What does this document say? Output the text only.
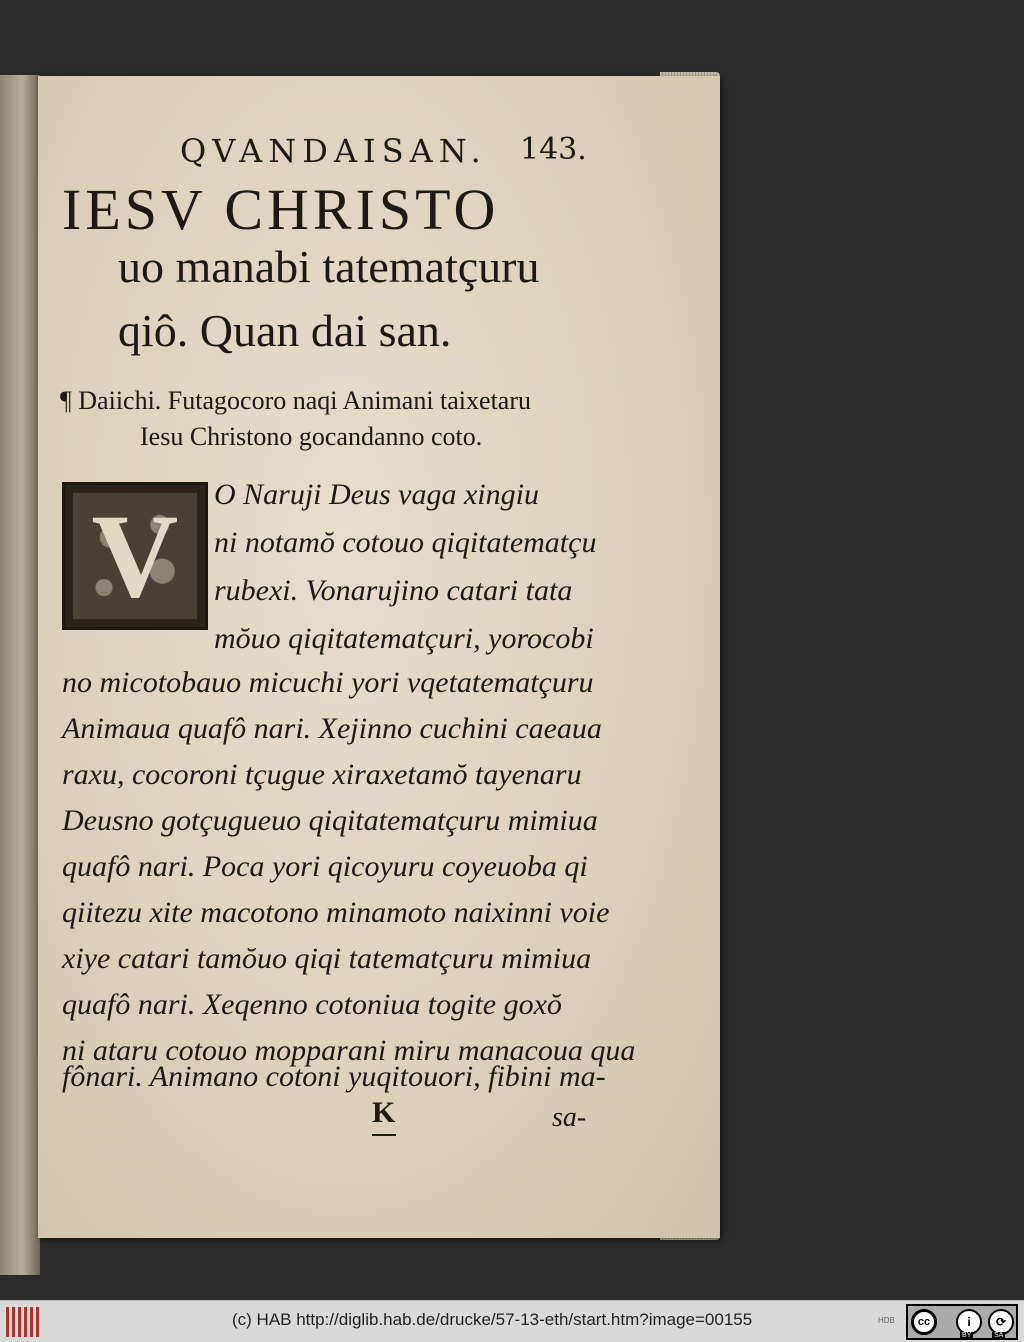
QVANDAISAN. 143.
IESV CHRISTO
uo manabi tatematçuru
qiô. Quan dai san.
¶ Daiichi. Futagocoro naqi Animani taixetaru
Iesu Christono gocandanno coto.
V	O Naruji Deus vaga xingiu
ni notamŏ cotouo qiqitatematçu
rubexi. Vonarujino catari tata
mŏuo qiqitatematçuri, yorocobi
no micotobauo micuchi yori vqetatematçuru
Animaua quafô nari. Xejinno cuchini caeaua
raxu, cocoroni tçugue xiraxetamŏ tayenaru
Deusno gotçugueuo qiqitatematçuru mimiua
quafô nari. Poca yori qicoyuru coyeuoba qi
qiitezu xite macotono minamoto naixinni voie
xiye catari tamŏuo qiqi tatematçuru mimiua
quafô nari. Xeqenno cotoniua togite goxŏ
ni ataru cotouo mopparani miru manacoua qua
fônari. Animano cotoni yuqitouori, fibini ma-
K	sa-
(c) HAB http://diglib.hab.de/drucke/57-13-eth/start.htm?image=00155	HDB	cc	i	⟳
BY	SA
